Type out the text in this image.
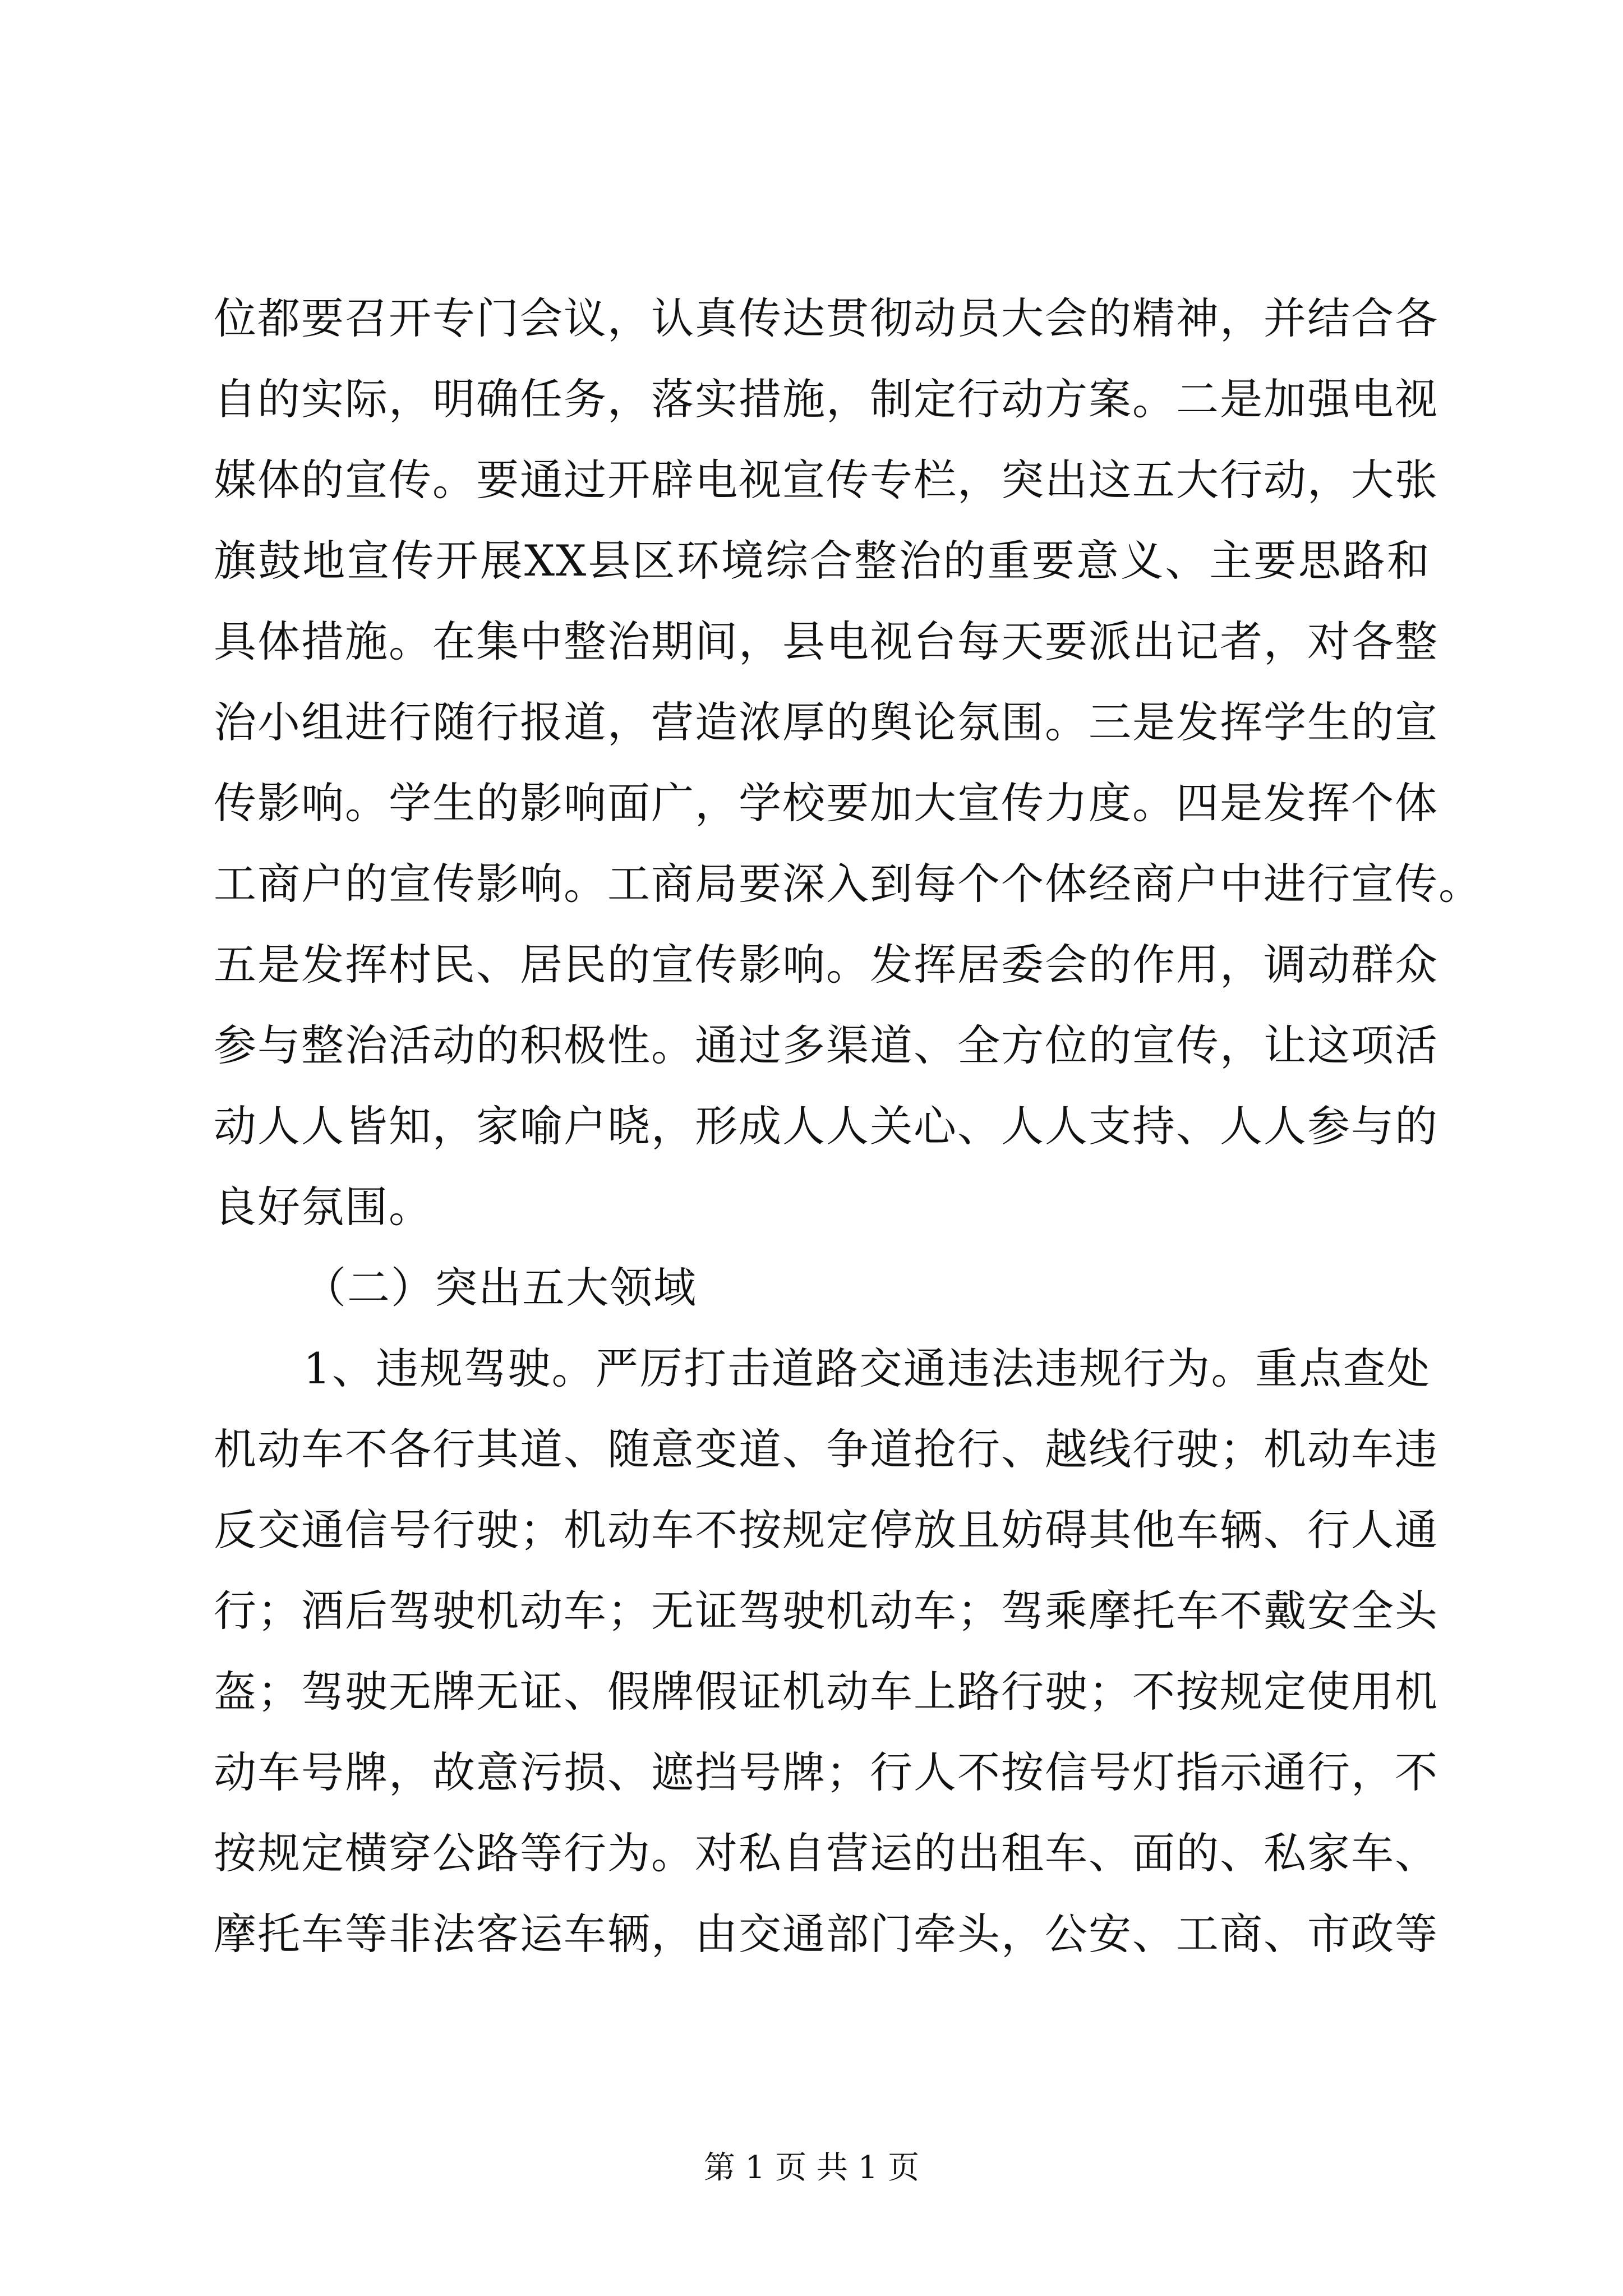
位都要召开专门会议，认真传达贯彻动员大会的精神，并结合各
自的实际，明确任务，落实措施，制定行动方案。二是加强电视
媒体的宣传。要通过开辟电视宣传专栏，突出这五大行动，大张
旗鼓地宣传开展XX县区环境综合整治的重要意义、主要思路和
具体措施。在集中整治期间，县电视台每天要派出记者，对各整
治小组进行随行报道，营造浓厚的舆论氛围。三是发挥学生的宣
传影响。学生的影响面广，学校要加大宣传力度。四是发挥个体
工商户的宣传影响。工商局要深入到每个个体经商户中进行宣传。
五是发挥村民、居民的宣传影响。发挥居委会的作用，调动群众
参与整治活动的积极性。通过多渠道、全方位的宣传，让这项活
动人人皆知，家喻户晓，形成人人关心、人人支持、人人参与的
良好氛围。
（二）突出五大领域
1、违规驾驶。严厉打击道路交通违法违规行为。重点查处
机动车不各行其道、随意变道、争道抢行、越线行驶；机动车违
反交通信号行驶；机动车不按规定停放且妨碍其他车辆、行人通
行；酒后驾驶机动车；无证驾驶机动车；驾乘摩托车不戴安全头
盔；驾驶无牌无证、假牌假证机动车上路行驶；不按规定使用机
动车号牌，故意污损、遮挡号牌；行人不按信号灯指示通行，不
按规定横穿公路等行为。对私自营运的出租车、面的、私家车、
摩托车等非法客运车辆，由交通部门牵头，公安、工商、市政等
第 1 页 共 1 页
